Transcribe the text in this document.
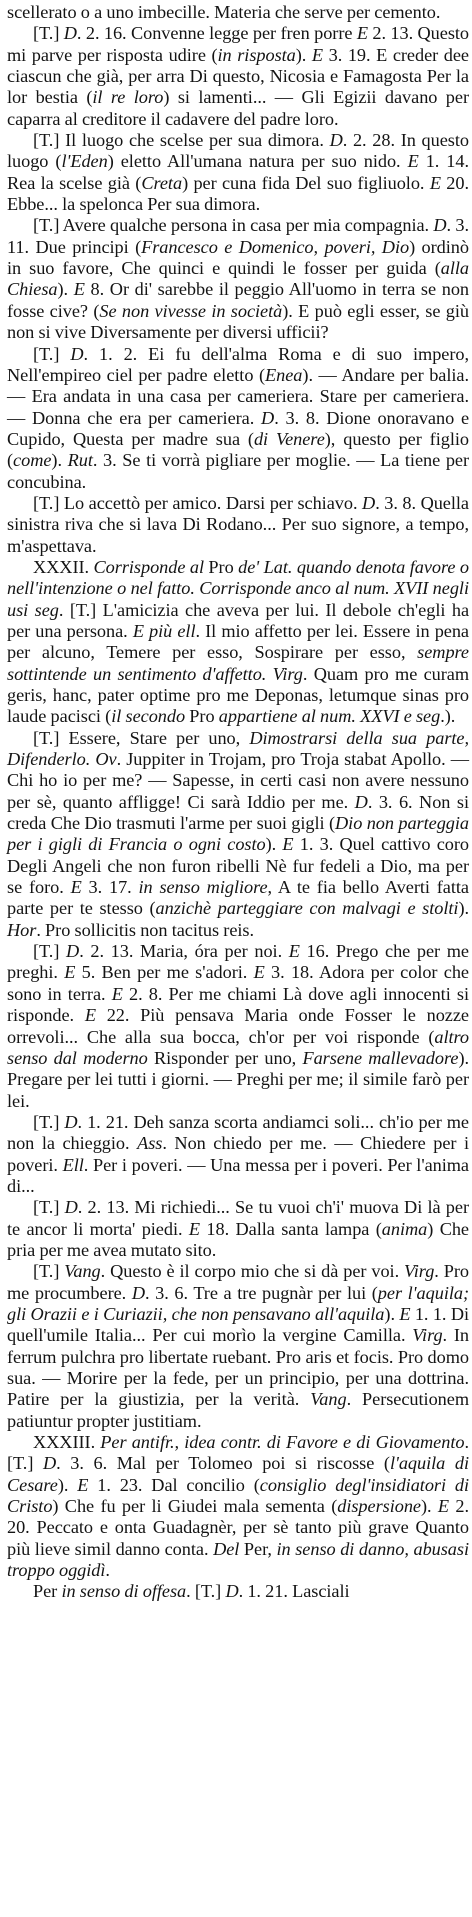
scellerato o a uno imbecille. Materia che serve per cemento.

[T.] D. 2. 16. Convenne legge per fren porre E 2. 13. Questo mi parve per risposta udire (in risposta). E 3. 19. E creder dee ciascun che già, per arra Di questo, Nicosia e Famagosta Per la lor bestia (il re loro) si lamenti... — Gli Egizii davano per caparra al creditore il cadavere del padre loro.

[T.] Il luogo che scelse per sua dimora. D. 2. 28. In questo luogo (l'Eden) eletto All'umana natura per suo nido. E 1. 14. Rea la scelse già (Creta) per cuna fida Del suo figliuolo. E 20. Ebbe... la spelonca Per sua dimora.

[T.] Avere qualche persona in casa per mia compagnia. D. 3. 11. Due principi (Francesco e Domenico, poveri, Dio) ordinò in suo favore, Che quinci e quindi le fosser per guida (alla Chiesa). E 8. Or di' sarebbe il peggio All'uomo in terra se non fosse cive? (Se non vivesse in società). E può egli esser, se giù non si vive Diversamente per diversi ufficii?

[T.] D. 1. 2. Ei fu dell'alma Roma e di suo impero, Nell'empireo ciel per padre eletto (Enea). — Andare per balia. — Era andata in una casa per cameriera. Stare per cameriera. — Donna che era per cameriera. D. 3. 8. Dione onoravano e Cupido, Questa per madre sua (di Venere), questo per figlio (come). Rut. 3. Se ti vorrà pigliare per moglie. — La tiene per concubina.

[T.] Lo accettò per amico. Darsi per schiavo. D. 3. 8. Quella sinistra riva che si lava Di Rodano... Per suo signore, a tempo, m'aspettava.

XXXII. Corrisponde al Pro de' Lat. quando denota favore o nell'intenzione o nel fatto. Corrisponde anco al num. XVII negli usi seg. [T.] L'amicizia che aveva per lui. Il debole ch'egli ha per una persona. E più ell. Il mio affetto per lei. Essere in pena per alcuno, Temere per esso, Sospirare per esso, sempre sottintende un sentimento d'affetto. Virg. Quam pro me curam geris, hanc, pater optime pro me Deponas, letumque sinas pro laude pacisci (il secondo Pro appartiene al num. XXVI e seg.).

[T.] Essere, Stare per uno, Dimostrarsi della sua parte, Difenderlo. Ov. Juppiter in Trojam, pro Troja stabat Apollo. — Chi ho io per me? — Sapesse, in certi casi non avere nessuno per sè, quanto affligge! Ci sarà Iddio per me. D. 3. 6. Non si creda Che Dio trasmuti l'arme per suoi gigli (Dio non parteggia per i gigli di Francia o ogni costo). E 1. 3. Quel cattivo coro Degli Angeli che non furon ribelli Nè fur fedeli a Dio, ma per se foro. E 3. 17. in senso migliore, A te fia bello Averti fatta parte per te stesso (anzichè parteggiare con malvagi e stolti). Hor. Pro sollicitis non tacitus reis.

[T.] D. 2. 13. Maria, óra per noi. E 16. Prego che per me preghi. E 5. Ben per me s'adori. E 3. 18. Adora per color che sono in terra. E 2. 8. Per me chiami Là dove agli innocenti si risponde. E 22. Più pensava Maria onde Fosser le nozze orrevoli... Che alla sua bocca, ch'or per voi risponde (altro senso dal moderno Risponder per uno, Farsene mallevadore). Pregare per lei tutti i giorni. — Preghi per me; il simile farò per lei.

[T.] D. 1. 21. Deh sanza scorta andiamci soli... ch'io per me non la chieggio. Ass. Non chiedo per me. — Chiedere per i poveri. Ell. Per i poveri. — Una messa per i poveri. Per l'anima di...

[T.] D. 2. 13. Mi richiedi... Se tu vuoi ch'i' muova Di là per te ancor li morta' piedi. E 18. Dalla santa lampa (anima) Che pria per me avea mutato sito.

[T.] Vang. Questo è il corpo mio che si dà per voi. Virg. Pro me procumbere. D. 3. 6. Tre a tre pugnàr per lui (per l'aquila; gli Orazii e i Curiazii, che non pensavano all'aquila). E 1. 1. Di quell'umile Italia... Per cui morìo la vergine Camilla. Virg. In ferrum pulchra pro libertate ruebant. Pro aris et focis. Pro domo sua. — Morire per la fede, per un principio, per una dottrina. Patire per la giustizia, per la verità. Vang. Persecutionem patiuntur propter justitiam.

XXXIII. Per antifr., idea contr. di Favore e di Giovamento. [T.] D. 3. 6. Mal per Tolomeo poi si riscosse (l'aquila di Cesare). E 1. 23. Dal concilio (consiglio degl'insidiatori di Cristo) Che fu per li Giudei mala sementa (dispersione). E 2. 20. Peccato e onta Guadagnèr, per sè tanto più grave Quanto più lieve simil danno conta. Del Per, in senso di danno, abusasi troppo oggidì.

Per in senso di offesa. [T.] D. 1. 21. Lasciali
